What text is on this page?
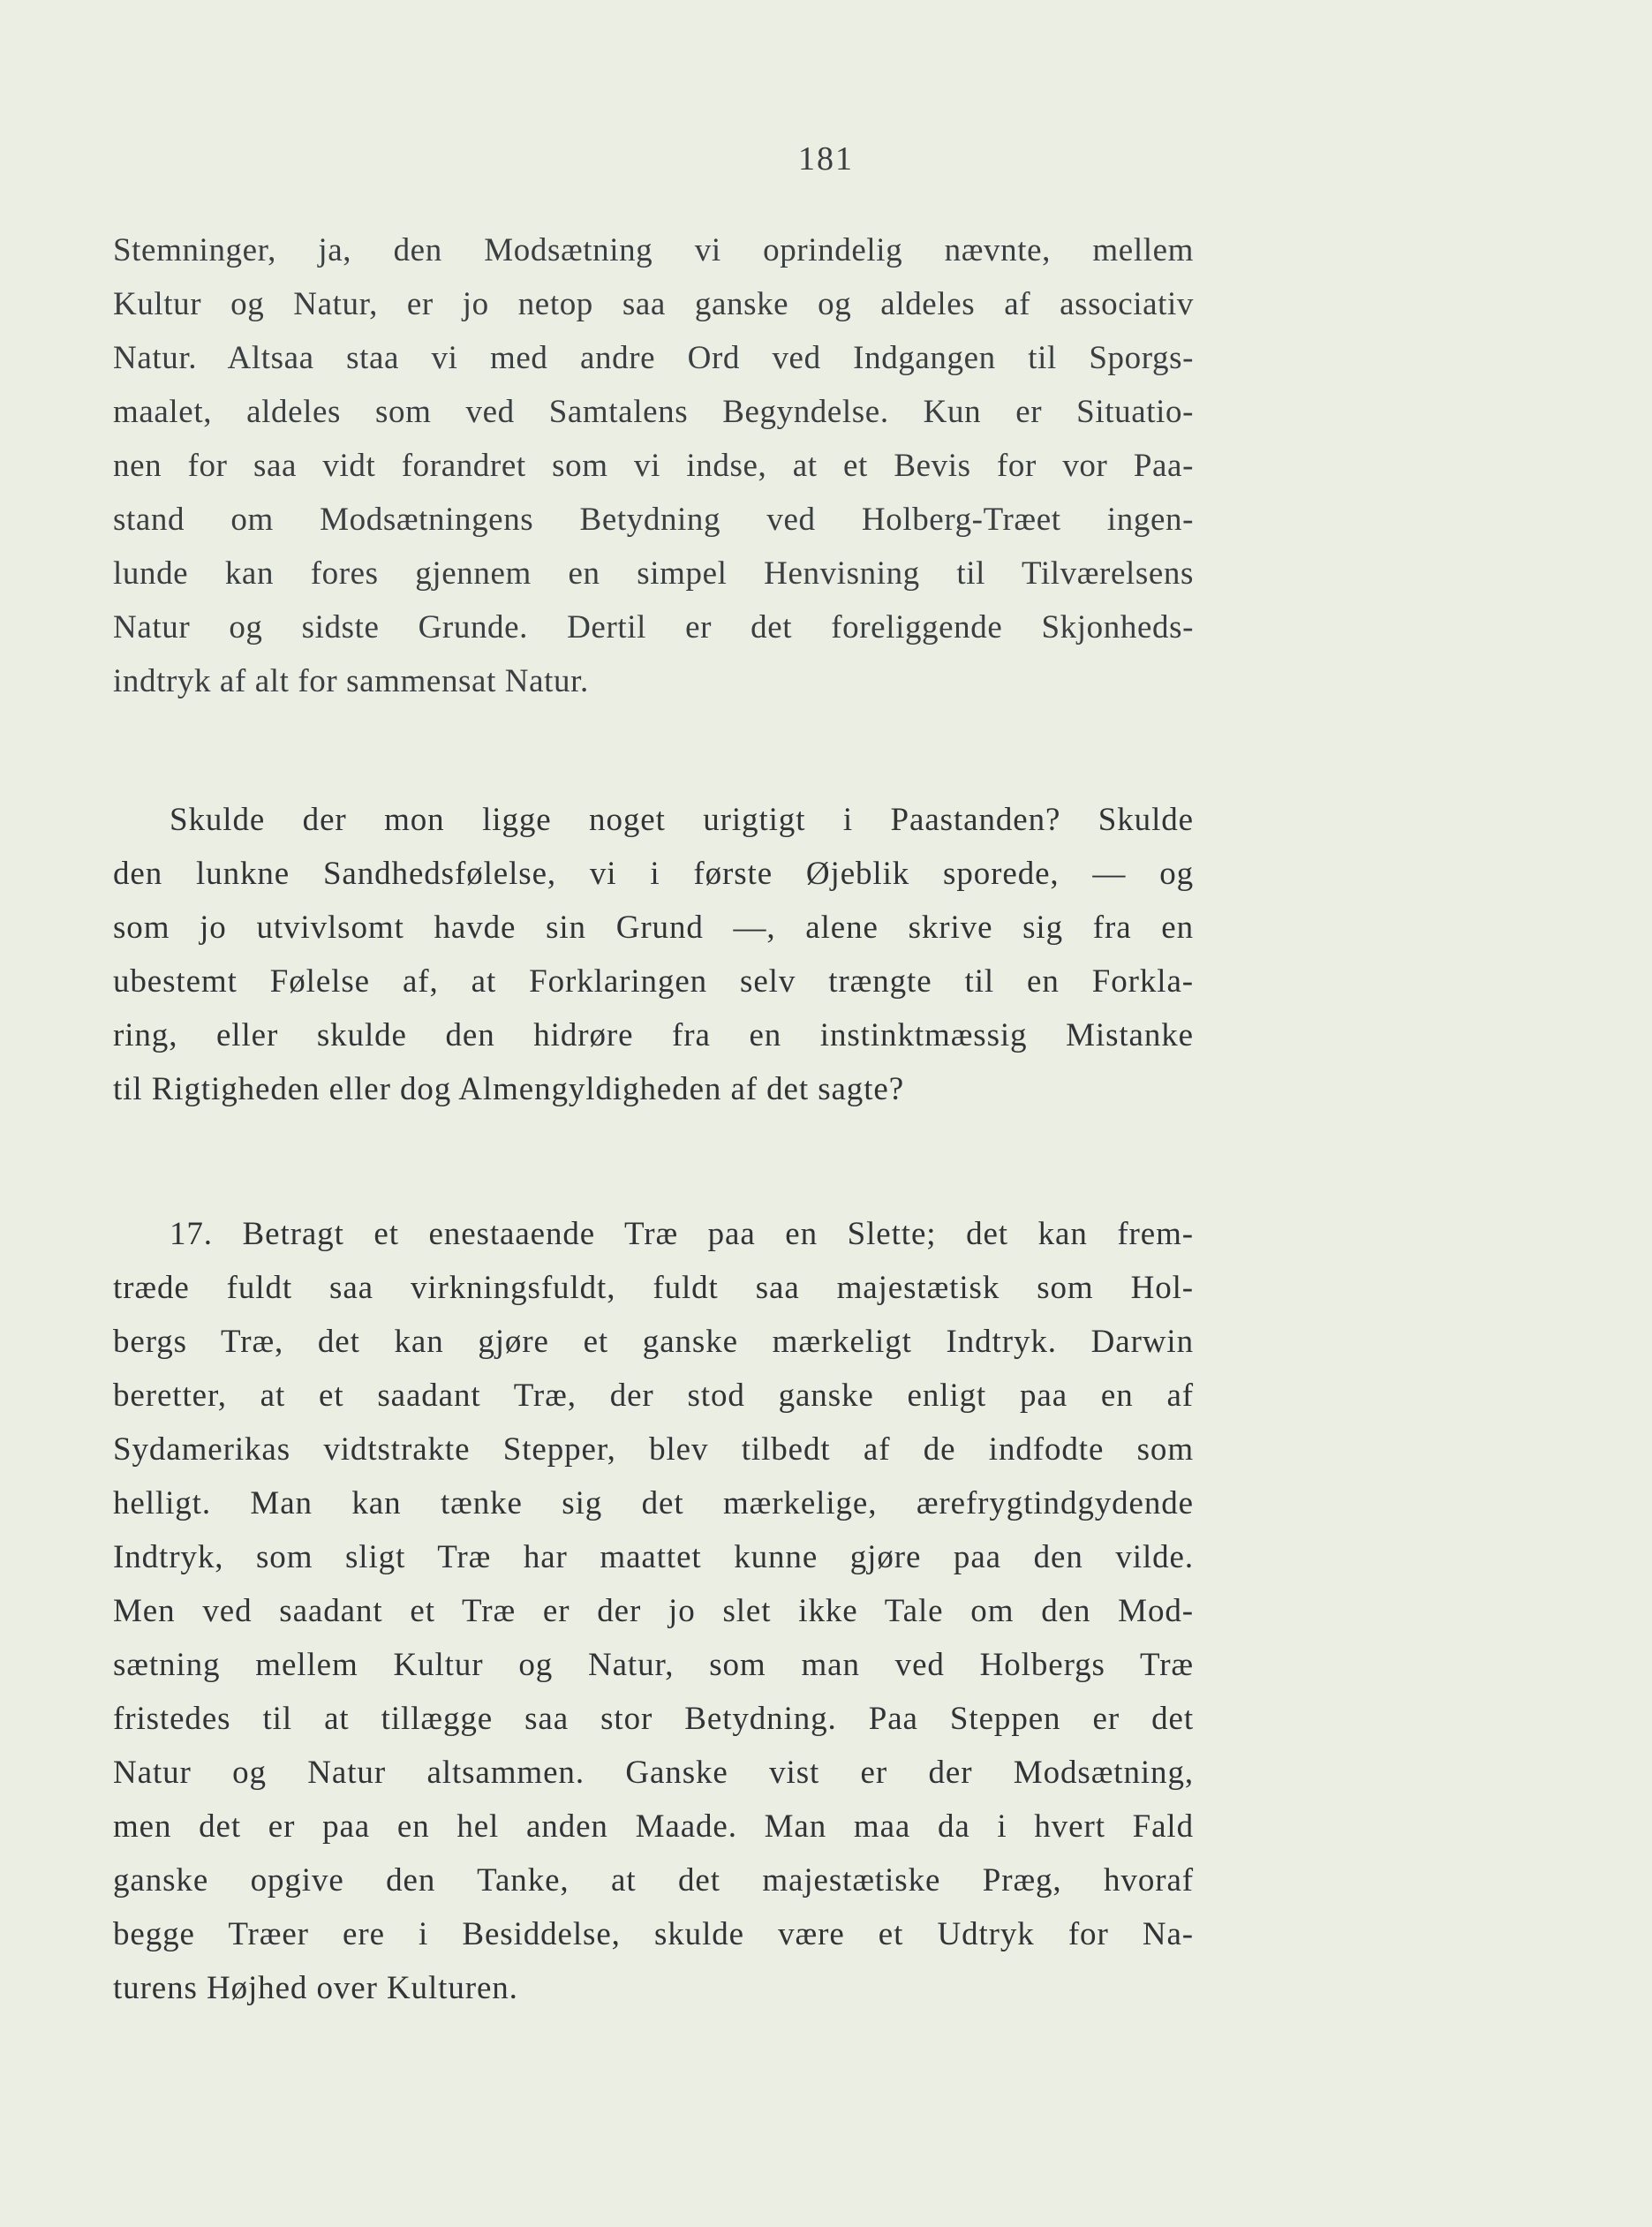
181
Stemninger, ja, den Modsætning vi oprindelig nævnte, mellem
Kultur og Natur, er jo netop saa ganske og aldeles af associativ
Natur. Altsaa staa vi med andre Ord ved Indgangen til Sporgs-
maalet, aldeles som ved Samtalens Begyndelse. Kun er Situatio-
nen for saa vidt forandret som vi indse, at et Bevis for vor Paa-
stand om Modsætningens Betydning ved Holberg-Træet ingen-
lunde kan fores gjennem en simpel Henvisning til Tilværelsens
Natur og sidste Grunde. Dertil er det foreliggende Skjonheds-
indtryk af alt for sammensat Natur.
Skulde der mon ligge noget urigtigt i Paastanden? Skulde
den lunkne Sandhedsfølelse, vi i første Øjeblik sporede, — og
som jo utvivlsomt havde sin Grund —, alene skrive sig fra en
ubestemt Følelse af, at Forklaringen selv trængte til en Forkla-
ring, eller skulde den hidrøre fra en instinktmæssig Mistanke
til Rigtigheden eller dog Almengyldigheden af det sagte?
17. Betragt et enestaaende Træ paa en Slette; det kan frem-
træde fuldt saa virkningsfuldt, fuldt saa majestætisk som Hol-
bergs Træ, det kan gjøre et ganske mærkeligt Indtryk. Darwin
beretter, at et saadant Træ, der stod ganske enligt paa en af
Sydamerikas vidtstrakte Stepper, blev tilbedt af de indfodte som
helligt. Man kan tænke sig det mærkelige, ærefrygtindgydende
Indtryk, som sligt Træ har maattet kunne gjøre paa den vilde.
Men ved saadant et Træ er der jo slet ikke Tale om den Mod-
sætning mellem Kultur og Natur, som man ved Holbergs Træ
fristedes til at tillægge saa stor Betydning. Paa Steppen er det
Natur og Natur altsammen. Ganske vist er der Modsætning,
men det er paa en hel anden Maade. Man maa da i hvert Fald
ganske opgive den Tanke, at det majestætiske Præg, hvoraf
begge Træer ere i Besiddelse, skulde være et Udtryk for Na-
turens Højhed over Kulturen.
